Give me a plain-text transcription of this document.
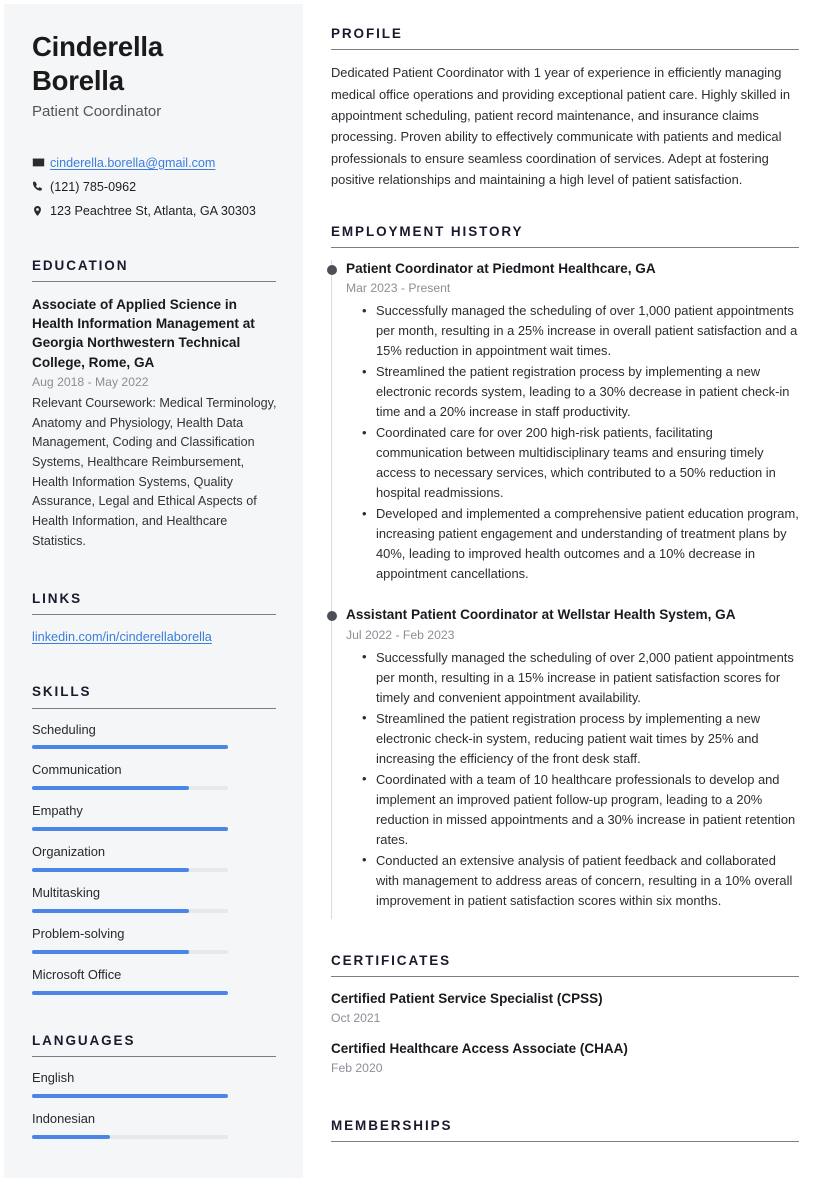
Cinderella
Borella
Patient Coordinator
cinderella.borella@gmail.com
(121) 785-0962
123 Peachtree St, Atlanta, GA 30303
EDUCATION
Associate of Applied Science in Health Information Management at Georgia Northwestern Technical College, Rome, GA
Aug 2018 - May 2022
Relevant Coursework: Medical Terminology, Anatomy and Physiology, Health Data Management, Coding and Classification Systems, Healthcare Reimbursement, Health Information Systems, Quality Assurance, Legal and Ethical Aspects of Health Information, and Healthcare Statistics.
LINKS
linkedin.com/in/cinderellaborella
SKILLS
Scheduling
Communication
Empathy
Organization
Multitasking
Problem-solving
Microsoft Office
LANGUAGES
English
Indonesian
PROFILE

Dedicated Patient Coordinator with 1 year of experience in efficiently managing medical office operations and providing exceptional patient care. Highly skilled in appointment scheduling, patient record maintenance, and insurance claims processing. Proven ability to effectively communicate with patients and medical professionals to ensure seamless coordination of services. Adept at fostering positive relationships and maintaining a high level of patient satisfaction.

EMPLOYMENT HISTORY
Patient Coordinator at Piedmont Healthcare, GA
Mar 2023 - Present
• Successfully managed the scheduling of over 1,000 patient appointments per month, resulting in a 25% increase in overall patient satisfaction and a 15% reduction in appointment wait times.
• Streamlined the patient registration process by implementing a new electronic records system, leading to a 30% decrease in patient check-in time and a 20% increase in staff productivity.
• Coordinated care for over 200 high-risk patients, facilitating communication between multidisciplinary teams and ensuring timely access to necessary services, which contributed to a 50% reduction in hospital readmissions.
• Developed and implemented a comprehensive patient education program, increasing patient engagement and understanding of treatment plans by 40%, leading to improved health outcomes and a 10% decrease in appointment cancellations.
Assistant Patient Coordinator at Wellstar Health System, GA
Jul 2022 - Feb 2023
• Successfully managed the scheduling of over 2,000 patient appointments per month, resulting in a 15% increase in patient satisfaction scores for timely and convenient appointment availability.
• Streamlined the patient registration process by implementing a new electronic check-in system, reducing patient wait times by 25% and increasing the efficiency of the front desk staff.
• Coordinated with a team of 10 healthcare professionals to develop and implement an improved patient follow-up program, leading to a 20% reduction in missed appointments and a 30% increase in patient retention rates.
• Conducted an extensive analysis of patient feedback and collaborated with management to address areas of concern, resulting in a 10% overall improvement in patient satisfaction scores within six months.
CERTIFICATES
Certified Patient Service Specialist (CPSS)
Oct 2021
Certified Healthcare Access Associate (CHAA)
Feb 2020
MEMBERSHIPS
